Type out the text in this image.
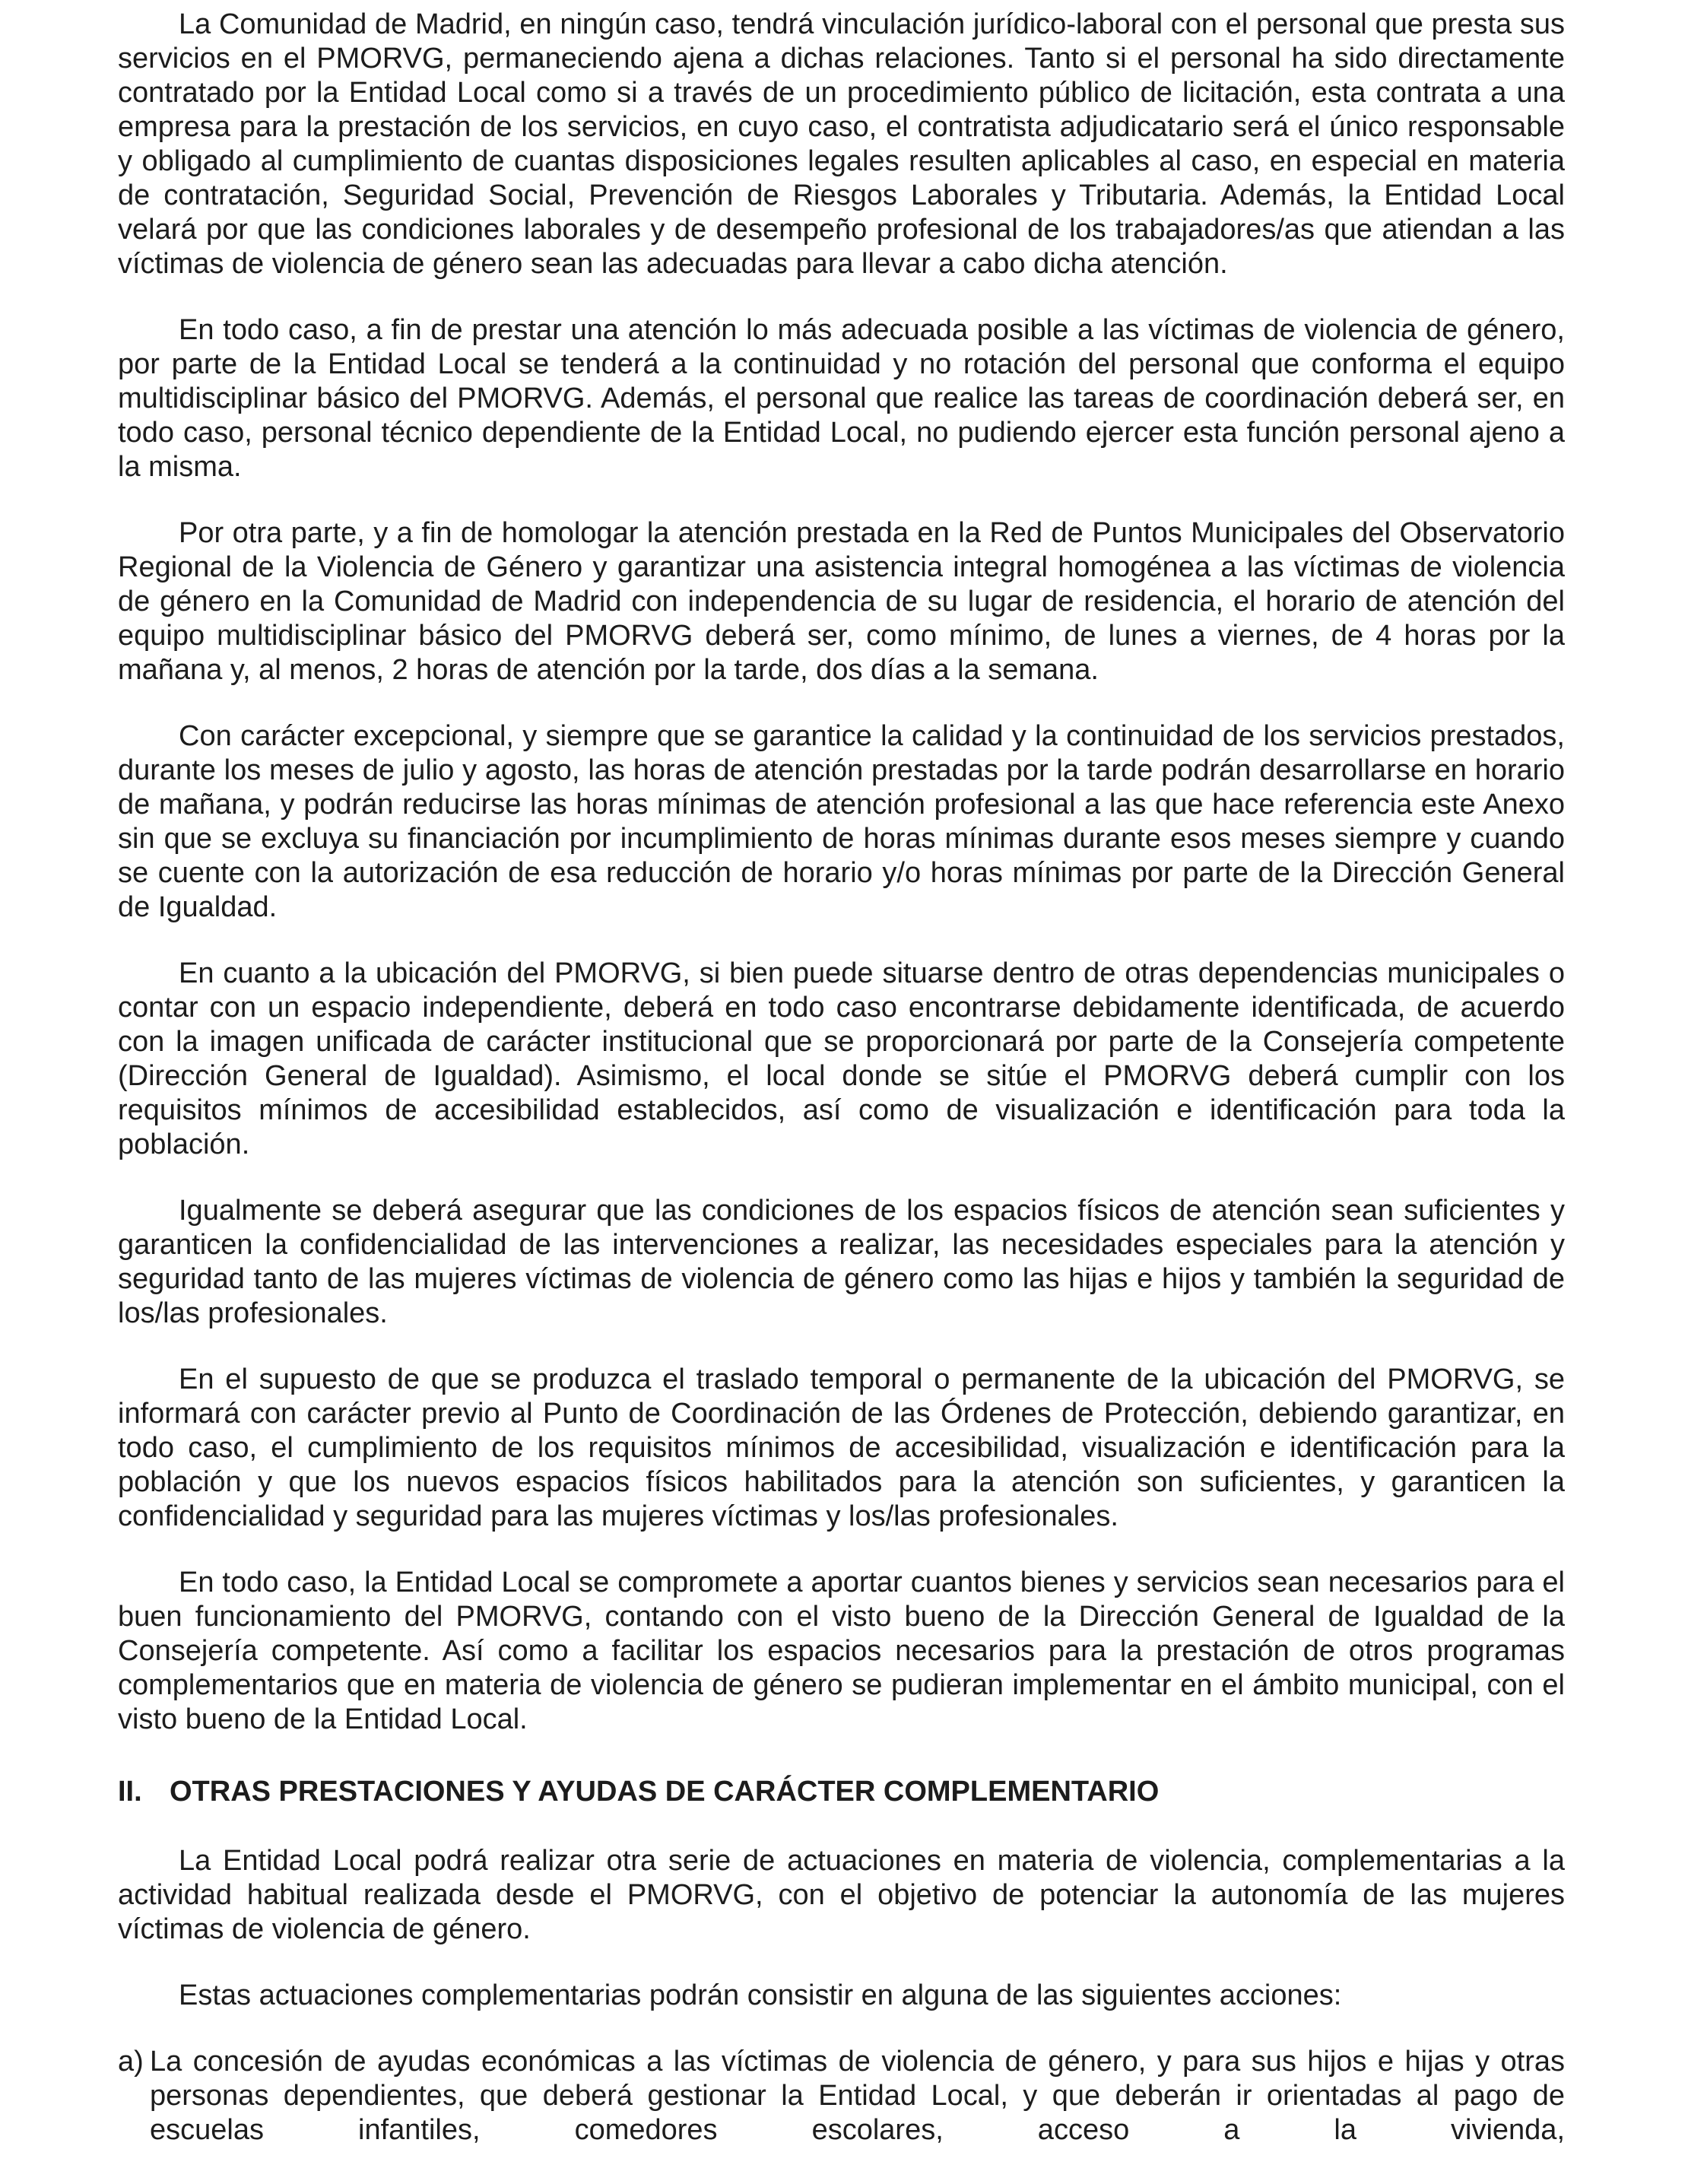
La Comunidad de Madrid, en ningún caso, tendrá vinculación jurídico-laboral con el personal que presta sus servicios en el PMORVG, permaneciendo ajena a dichas relaciones. Tanto si el personal ha sido directamente contratado por la Entidad Local como si a través de un procedimiento público de licitación, esta contrata a una empresa para la prestación de los servicios, en cuyo caso, el contratista adjudicatario será el único responsable y obligado al cumplimiento de cuantas disposiciones legales resulten aplicables al caso, en especial en materia de contratación, Seguridad Social, Prevención de Riesgos Laborales y Tributaria. Además, la Entidad Local velará por que las condiciones laborales y de desempeño profesional de los trabajadores/as que atiendan a las víctimas de violencia de género sean las adecuadas para llevar a cabo dicha atención.

En todo caso, a fin de prestar una atención lo más adecuada posible a las víctimas de violencia de género, por parte de la Entidad Local se tenderá a la continuidad y no rotación del personal que conforma el equipo multidisciplinar básico del PMORVG. Además, el personal que realice las tareas de coordinación deberá ser, en todo caso, personal técnico dependiente de la Entidad Local, no pudiendo ejercer esta función personal ajeno a la misma.

Por otra parte, y a fin de homologar la atención prestada en la Red de Puntos Municipales del Observatorio Regional de la Violencia de Género y garantizar una asistencia integral homogénea a las víctimas de violencia de género en la Comunidad de Madrid con independencia de su lugar de residencia, el horario de atención del equipo multidisciplinar básico del PMORVG deberá ser, como mínimo, de lunes a viernes, de 4 horas por la mañana y, al menos, 2 horas de atención por la tarde, dos días a la semana.

Con carácter excepcional, y siempre que se garantice la calidad y la continuidad de los servicios prestados, durante los meses de julio y agosto, las horas de atención prestadas por la tarde podrán desarrollarse en horario de mañana, y podrán reducirse las horas mínimas de atención profesional a las que hace referencia este Anexo sin que se excluya su financiación por incumplimiento de horas mínimas durante esos meses siempre y cuando se cuente con la autorización de esa reducción de horario y/o horas mínimas por parte de la Dirección General de Igualdad.

En cuanto a la ubicación del PMORVG, si bien puede situarse dentro de otras dependencias municipales o contar con un espacio independiente, deberá en todo caso encontrarse debidamente identificada, de acuerdo con la imagen unificada de carácter institucional que se proporcionará por parte de la Consejería competente (Dirección General de Igualdad). Asimismo, el local donde se sitúe el PMORVG deberá cumplir con los requisitos mínimos de accesibilidad establecidos, así como de visualización e identificación para toda la población.

Igualmente se deberá asegurar que las condiciones de los espacios físicos de atención sean suficientes y garanticen la confidencialidad de las intervenciones a realizar, las necesidades especiales para la atención y seguridad tanto de las mujeres víctimas de violencia de género como las hijas e hijos y también la seguridad de los/las profesionales.

En el supuesto de que se produzca el traslado temporal o permanente de la ubicación del PMORVG, se informará con carácter previo al Punto de Coordinación de las Órdenes de Protección, debiendo garantizar, en todo caso, el cumplimiento de los requisitos mínimos de accesibilidad, visualización e identificación para la población y que los nuevos espacios físicos habilitados para la atención son suficientes, y garanticen la confidencialidad y seguridad para las mujeres víctimas y los/las profesionales.

En todo caso, la Entidad Local se compromete a aportar cuantos bienes y servicios sean necesarios para el buen funcionamiento del PMORVG, contando con el visto bueno de la Dirección General de Igualdad de la Consejería competente. Así como a facilitar los espacios necesarios para la prestación de otros programas complementarios que en materia de violencia de género se pudieran implementar en el ámbito municipal, con el visto bueno de la Entidad Local.

II. OTRAS PRESTACIONES Y AYUDAS DE CARÁCTER COMPLEMENTARIO

La Entidad Local podrá realizar otra serie de actuaciones en materia de violencia, complementarias a la actividad habitual realizada desde el PMORVG, con el objetivo de potenciar la autonomía de las mujeres víctimas de violencia de género.

Estas actuaciones complementarias podrán consistir en alguna de las siguientes acciones:

a) La concesión de ayudas económicas a las víctimas de violencia de género, y para sus hijos e hijas y otras personas dependientes, que deberá gestionar la Entidad Local, y que deberán ir orientadas al pago de escuelas infantiles, comedores escolares, acceso a la vivienda,
